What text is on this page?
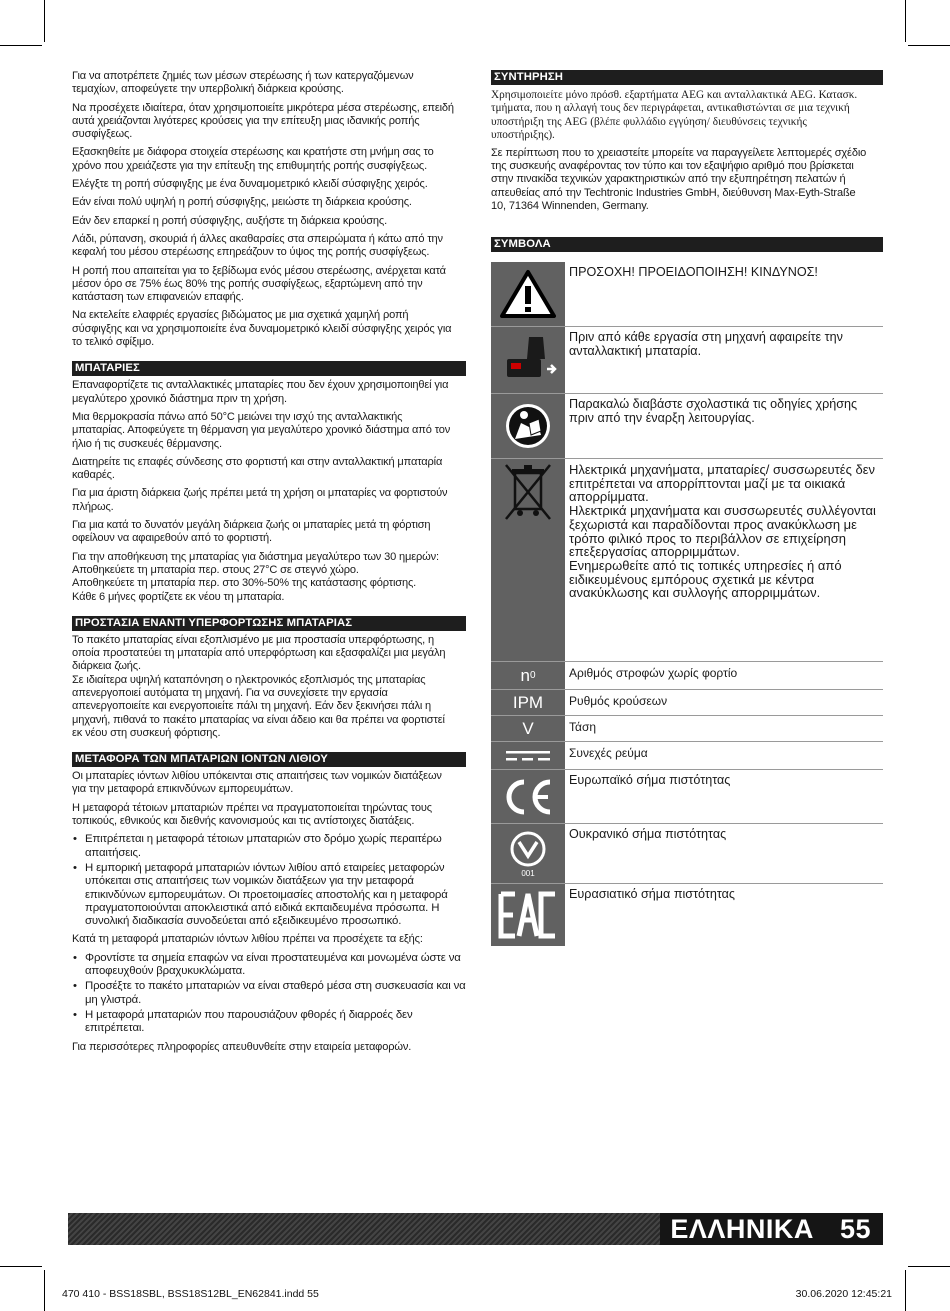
Για να αποτρέπετε ζημιές των μέσων στερέωσης ή των κατεργαζόμενων τεμαχίων, αποφεύγετε την υπερβολική διάρκεια κρούσης.

Να προσέχετε ιδιαίτερα, όταν χρησιμοποιείτε μικρότερα μέσα στερέωσης, επειδή αυτά χρειάζονται λιγότερες κρούσεις για την επίτευξη μιας ιδανικής ροπής συσφίγξεως.

Εξασκηθείτε με διάφορα στοιχεία στερέωσης και κρατήστε στη μνήμη σας το χρόνο που χρειάζεστε για την επίτευξη της επιθυμητής ροπής συσφίγξεως.

Ελέγξτε τη ροπή σύσφιγξης με ένα δυναμομετρικό κλειδί σύσφιγξης χειρός.

Εάν είναι πολύ υψηλή η ροπή σύσφιγξης, μειώστε τη διάρκεια κρούσης.

Εάν δεν επαρκεί η ροπή σύσφιγξης, αυξήστε τη διάρκεια κρούσης.

Λάδι, ρύπανση, σκουριά ή άλλες ακαθαρσίες στα σπειρώματα ή κάτω από την κεφαλή του μέσου στερέωσης επηρεάζουν το ύψος της ροπής συσφίγξεως.

Η ροπή που απαιτείται για το ξεβίδωμα ενός μέσου στερέωσης, ανέρχεται κατά μέσον όρο σε 75% έως 80% της ροπής συσφίγξεως, εξαρτώμενη από την κατάσταση των επιφανειών επαφής.

Να εκτελείτε ελαφριές εργασίες βιδώματος με μια σχετικά χαμηλή ροπή σύσφιγξης και να χρησιμοποιείτε ένα δυναμομετρικό κλειδί σύσφιγξης χειρός για το τελικό σφίξιμο.

ΜΠΑΤΑΡΙΕΣ

Επαναφορτίζετε τις ανταλλακτικές μπαταρίες που δεν έχουν χρησιμοποιηθεί για μεγαλύτερο χρονικό διάστημα πριν τη χρήση.

Μια θερμοκρασία πάνω από 50°C μειώνει την ισχύ της ανταλλακτικής μπαταρίας. Αποφεύγετε τη θέρμανση για μεγαλύτερο χρονικό διάστημα από τον ήλιο ή τις συσκευές θέρμανσης.

Διατηρείτε τις επαφές σύνδεσης στο φορτιστή και στην ανταλλακτική μπαταρία καθαρές.

Για μια άριστη διάρκεια ζωής πρέπει μετά τη χρήση οι μπαταρίες να φορτιστούν πλήρως.

Για μια κατά το δυνατόν μεγάλη διάρκεια ζωής οι μπαταρίες μετά τη φόρτιση οφείλουν να αφαιρεθούν από το φορτιστή.

Για την αποθήκευση της μπαταρίας για διάστημα μεγαλύτερο των 30 ημερών:

Αποθηκεύετε τη μπαταρία περ. στους 27°C σε στεγνό χώρο.

Αποθηκεύετε τη μπαταρία περ. στο 30%-50% της κατάστασης φόρτισης.

Κάθε 6 μήνες φορτίζετε εκ νέου τη μπαταρία.

ΠΡΟΣΤΑΣΙΑ ΕΝΑΝΤΙ ΥΠΕΡΦΟΡΤΩΣΗΣ ΜΠΑΤΑΡΙΑΣ

Το πακέτο μπαταρίας είναι εξοπλισμένο με μια προστασία υπερφόρτωσης, η οποία προστατεύει τη μπαταρία από υπερφόρτωση και εξασφαλίζει μια μεγάλη διάρκεια ζωής.

Σε ιδιαίτερα υψηλή καταπόνηση ο ηλεκτρονικός εξοπλισμός της μπαταρίας απενεργοποιεί αυτόματα τη μηχανή. Για να συνεχίσετε την εργασία απενεργοποιείτε και ενεργοποιείτε πάλι τη μηχανή. Εάν δεν ξεκινήσει πάλι η μηχανή, πιθανά το πακέτο μπαταρίας να είναι άδειο και θα πρέπει να φορτιστεί εκ νέου στη συσκευή φόρτισης.

ΜΕΤΑΦΟΡΑ ΤΩΝ ΜΠΑΤΑΡΙΩΝ ΙΟΝΤΩΝ ΛΙΘΙΟΥ

Οι μπαταρίες ιόντων λιθίου υπόκεινται στις απαιτήσεις των νομικών διατάξεων για την μεταφορά επικινδύνων εμπορευμάτων.

Η μεταφορά τέτοιων μπαταριών πρέπει να πραγματοποιείται τηρώντας τους τοπικούς, εθνικούς και διεθνής κανονισμούς και τις αντίστοιχες διατάξεις.

• Επιτρέπεται η μεταφορά τέτοιων μπαταριών στο δρόμο χωρίς περαιτέρω απαιτήσεις.
• Η εμπορική μεταφορά μπαταριών ιόντων λιθίου από εταιρείες μεταφορών υπόκειται στις απαιτήσεις των νομικών διατάξεων για την μεταφορά επικινδύνων εμπορευμάτων. Οι προετοιμασίες αποστολής και η μεταφορά πραγματοποιούνται αποκλειστικά από ειδικά εκπαιδευμένα πρόσωπα. Η συνολική διαδικασία συνοδεύεται από εξειδικευμένο προσωπικό.

Κατά τη μεταφορά μπαταριών ιόντων λιθίου πρέπει να προσέχετε τα εξής:

• Φροντίστε τα σημεία επαφών να είναι προστατευμένα και μονωμένα ώστε να αποφευχθούν βραχυκυκλώματα.
• Προσέξτε το πακέτο μπαταριών να είναι σταθερό μέσα στη συσκευασία και να μη γλιστρά.
• Η μεταφορά μπαταριών που παρουσιάζουν φθορές ή διαρροές δεν επιτρέπεται.

Για περισσότερες πληροφορίες απευθυνθείτε στην εταιρεία μεταφορών.

ΣΥΝΤΗΡΗΣΗ

Χρησιμοποιείτε μόνο πρόσθ. εξαρτήματα AEG και ανταλλακτικά AEG. Κατασκ. τμήματα, που η αλλαγή τους δεν περιγράφεται, αντικαθιστώνται σε μια τεχνική υποστήριξη της AEG (βλέπε φυλλάδιο εγγύηση/ διευθύνσεις τεχνικής υποστήριξης).

Σε περίπτωση που το χρειαστείτε μπορείτε να παραγγείλετε λεπτομερές σχέδιο της συσκευής αναφέροντας τον τύπο και τον εξαψήφιο αριθμό που βρίσκεται στην πινακίδα τεχνικών χαρακτηριστικών από την εξυπηρέτηση πελατών ή απευθείας από την Techtronic Industries GmbH, διεύθυνση Max-Eyth-Straße 10, 71364 Winnenden, Germany.

ΣΥΜΒΟΛΑ
ΠΡΟΣΟΧΗ! ΠΡΟΕΙΔΟΠΟΙΗΣΗ! ΚΙΝΔΥΝΟΣ!
Πριν από κάθε εργασία στη μηχανή αφαιρείτε την ανταλλακτική μπαταρία.
Παρακαλώ διαβάστε σχολαστικά τις οδηγίες χρήσης πριν από την έναρξη λειτουργίας.
Ηλεκτρικά μηχανήματα, μπαταρίες/ συσσωρευτές δεν επιτρέπεται να απορρίπτονται μαζί με τα οικιακά απορρίμματα.
Ηλεκτρικά μηχανήματα και συσσωρευτές συλλέγονται ξεχωριστά και παραδίδονται προς ανακύκλωση με τρόπο φιλικό προς το περιβάλλον σε επιχείρηση επεξεργασίας απορριμμάτων.
Ενημερωθείτε από τις τοπικές υπηρεσίες ή από ειδικευμένους εμπόρους σχετικά με κέντρα ανακύκλωσης και συλλογής απορριμμάτων.
n 0	Αριθμός στροφών χωρίς φορτίο
IPM	Ρυθμός κρούσεων
V	Τάση
Συνεχές ρεύμα
Ευρωπαϊκό σήμα πιστότητας
001
Ουκρανικό σήμα πιστότητας
Ευρασιατικό σήμα πιστότητας
ΕΛΛΗΝΙΚΑ 55
470 410 - BSS18SBL, BSS18S12BL_EN62841.indd 55	30.06.2020 12:45:21
